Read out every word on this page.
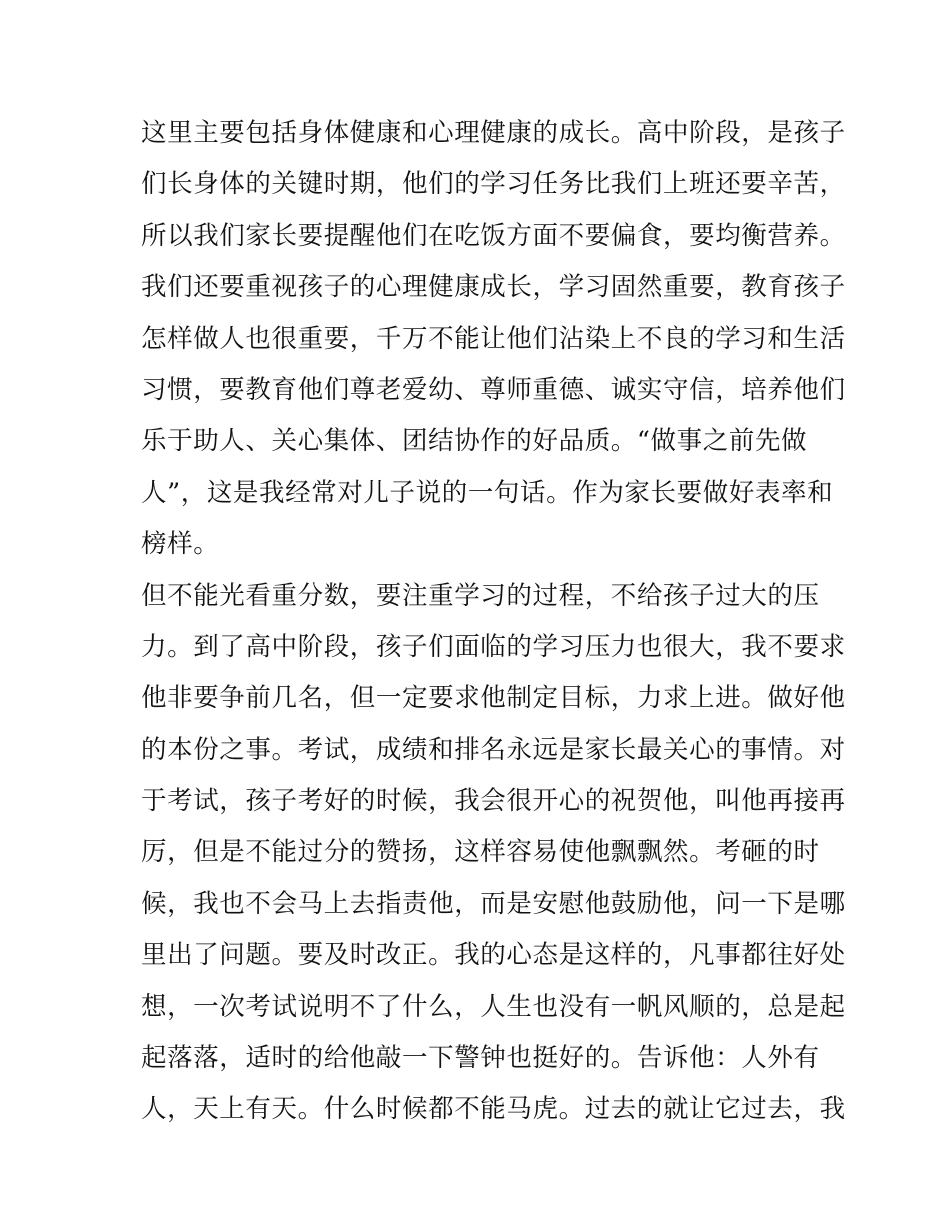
这里主要包括身体健康和心理健康的成长。高中阶段，是孩子
们长身体的关键时期，他们的学习任务比我们上班还要辛苦，
所以我们家长要提醒他们在吃饭方面不要偏食，要均衡营养。
我们还要重视孩子的心理健康成长，学习固然重要，教育孩子
怎样做人也很重要，千万不能让他们沾染上不良的学习和生活
习惯，要教育他们尊老爱幼、尊师重德、诚实守信，培养他们
乐于助人、关心集体、团结协作的好品质。“做事之前先做
人”，这是我经常对儿子说的一句话。作为家长要做好表率和
榜样。
但不能光看重分数，要注重学习的过程，不给孩子过大的压
力。到了高中阶段，孩子们面临的学习压力也很大，我不要求
他非要争前几名，但一定要求他制定目标，力求上进。做好他
的本份之事。考试，成绩和排名永远是家长最关心的事情。对
于考试，孩子考好的时候，我会很开心的祝贺他，叫他再接再
厉，但是不能过分的赞扬，这样容易使他飘飘然。考砸的时
候，我也不会马上去指责他，而是安慰他鼓励他，问一下是哪
里出了问题。要及时改正。我的心态是这样的，凡事都往好处
想，一次考试说明不了什么，人生也没有一帆风顺的，总是起
起落落，适时的给他敲一下警钟也挺好的。告诉他：人外有
人，天上有天。什么时候都不能马虎。过去的就让它过去，我
